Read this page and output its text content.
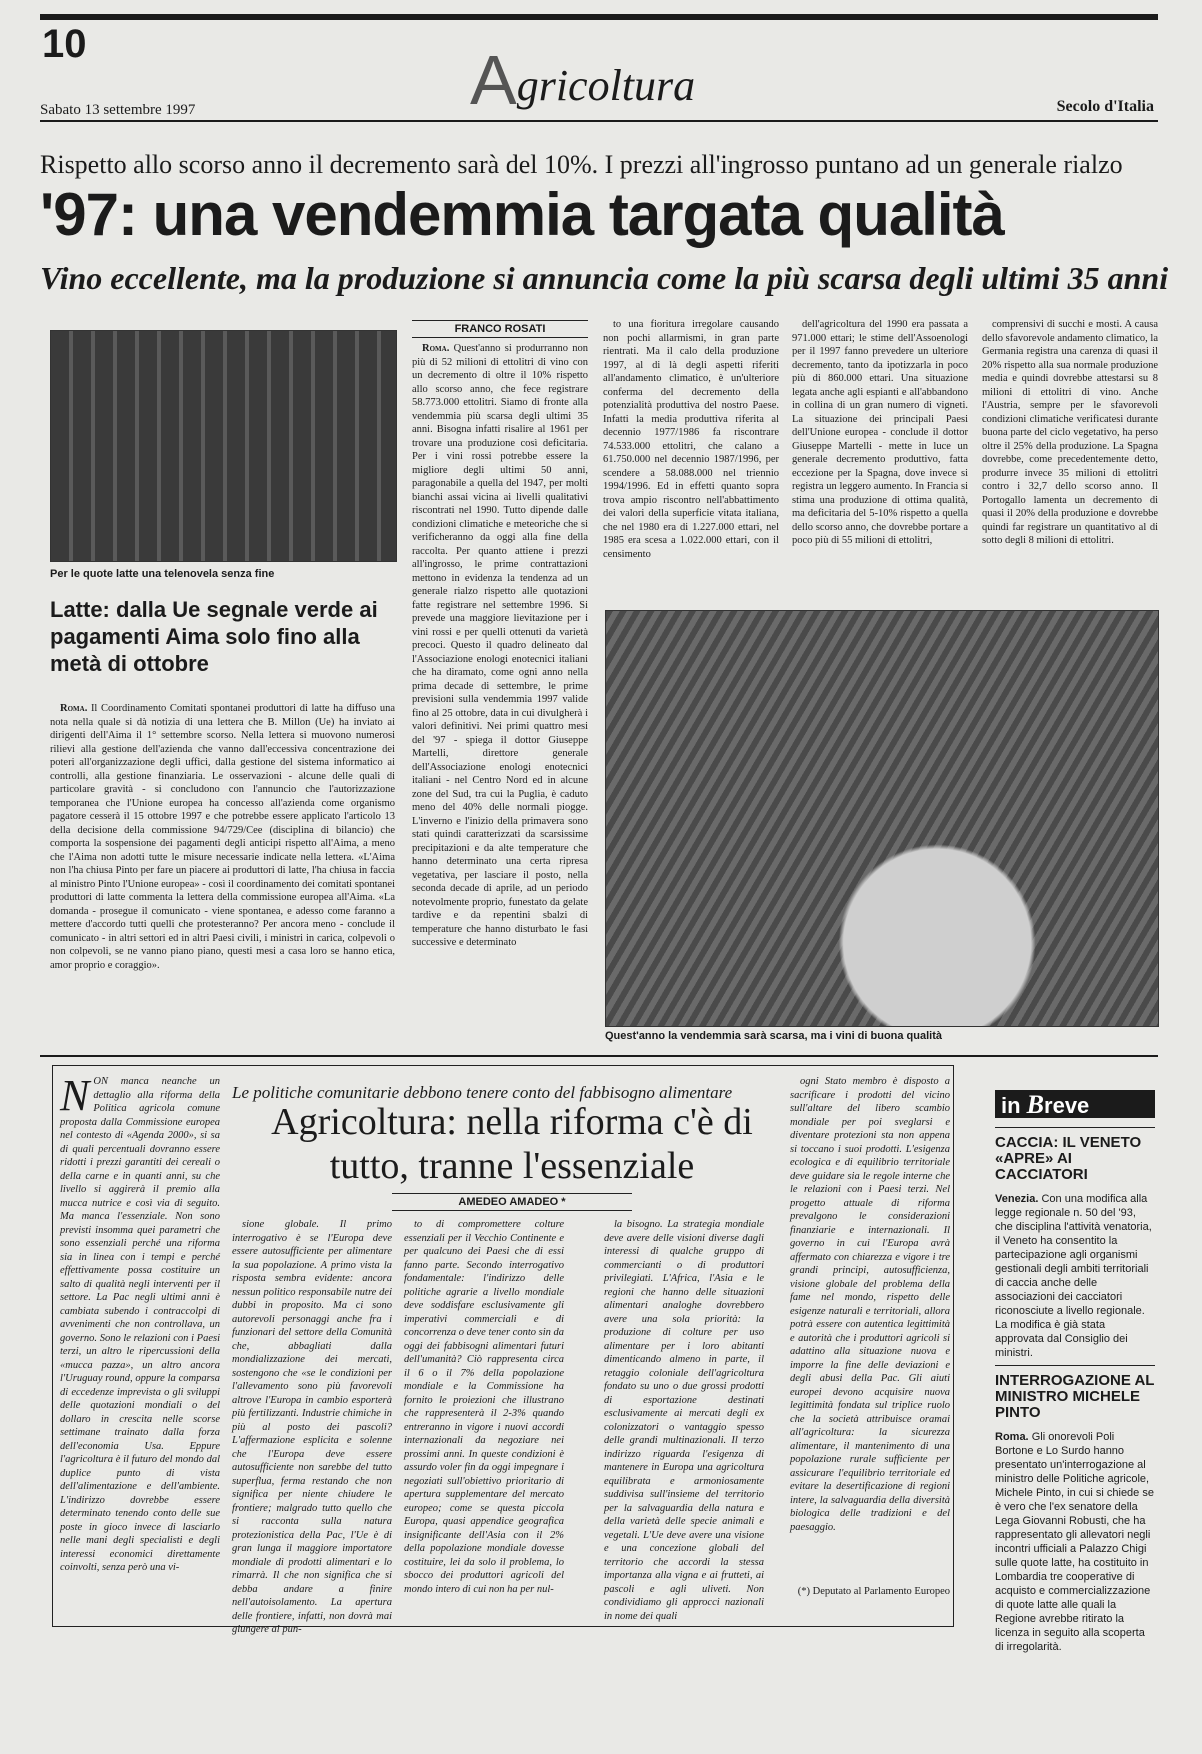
10	Agricoltura
Sabato 13 settembre 1997	Secolo d'Italia
Rispetto allo scorso anno il decremento sarà del 10%. I prezzi all'ingrosso puntano ad un generale rialzo
'97: una vendemmia targata qualità
Vino eccellente, ma la produzione si annuncia come la più scarsa degli ultimi 35 anni
Per le quote latte una telenovela senza fine
Latte: dalla Ue segnale verde ai pagamenti Aima solo fino alla metà di ottobre

Roma. Il Coordinamento Comitati spontanei produttori di latte ha diffuso una nota nella quale si dà notizia di una lettera che B. Millon (Ue) ha inviato ai dirigenti dell'Aima il 1° settembre scorso. Nella lettera si muovono numerosi rilievi alla gestione dell'azienda che vanno dall'eccessiva concentrazione dei poteri all'organizzazione degli uffici, dalla gestione del sistema informatico ai controlli, alla gestione finanziaria. Le osservazioni - alcune delle quali di particolare gravità - si concludono con l'annuncio che l'autorizzazione temporanea che l'Unione europea ha concesso all'azienda come organismo pagatore cesserà il 15 ottobre 1997 e che potrebbe essere applicato l'articolo 13 della decisione della commissione 94/729/Cee (disciplina di bilancio) che comporta la sospensione dei pagamenti degli anticipi rispetto all'Aima, a meno che l'Aima non adotti tutte le misure necessarie indicate nella lettera. «L'Aima non l'ha chiusa Pinto per fare un piacere ai produttori di latte, l'ha chiusa in faccia al ministro Pinto l'Unione europea» - così il coordinamento dei comitati spontanei produttori di latte commenta la lettera della commissione europea all'Aima. «La domanda - prosegue il comunicato - viene spontanea, e adesso come faranno a mettere d'accordo tutti quelli che protesteranno? Per ancora meno - conclude il comunicato - in altri settori ed in altri Paesi civili, i ministri in carica, colpevoli o non colpevoli, se ne vanno piano piano, questi mesi a casa loro se hanno etica, amor proprio e coraggio».

FRANCO ROSATI

Roma. Quest'anno si produrranno non più di 52 milioni di ettolitri di vino con un decremento di oltre il 10% rispetto allo scorso anno, che fece registrare 58.773.000 ettolitri. Siamo di fronte alla vendemmia più scarsa degli ultimi 35 anni. Bisogna infatti risalire al 1961 per trovare una produzione così deficitaria. Per i vini rossi potrebbe essere la migliore degli ultimi 50 anni, paragonabile a quella del 1947, per molti bianchi assai vicina ai livelli qualitativi riscontrati nel 1990. Tutto dipende dalle condizioni climatiche e meteoriche che si verificheranno da oggi alla fine della raccolta. Per quanto attiene i prezzi all'ingrosso, le prime contrattazioni mettono in evidenza la tendenza ad un generale rialzo rispetto alle quotazioni fatte registrare nel settembre 1996. Si prevede una maggiore lievitazione per i vini rossi e per quelli ottenuti da varietà precoci. Questo il quadro delineato dal l'Associazione enologi enotecnici italiani che ha diramato, come ogni anno nella prima decade di settembre, le prime previsioni sulla vendemmia 1997 valide fino al 25 ottobre, data in cui divulgherà i valori definitivi. Nei primi quattro mesi del '97 - spiega il dottor Giuseppe Martelli, direttore generale dell'Associazione enologi enotecnici italiani - nel Centro Nord ed in alcune zone del Sud, tra cui la Puglia, è caduto meno del 40% delle normali piogge. L'inverno e l'inizio della primavera sono stati quindi caratterizzati da scarsissime precipitazioni e da alte temperature che hanno determinato una certa ripresa vegetativa, per lasciare il posto, nella seconda decade di aprile, ad un periodo notevolmente proprio, funestato da gelate tardive e da repentini sbalzi di temperature che hanno disturbato le fasi successive e determinato

to una fioritura irregolare causando non pochi allarmismi, in gran parte rientrati. Ma il calo della produzione 1997, al di là degli aspetti riferiti all'andamento climatico, è un'ulteriore conferma del decremento della potenzialità produttiva del nostro Paese. Infatti la media produttiva riferita al decennio 1977/1986 fa riscontrare 74.533.000 ettolitri, che calano a 61.750.000 nel decennio 1987/1996, per scendere a 58.088.000 nel triennio 1994/1996. Ed in effetti quanto sopra trova ampio riscontro nell'abbattimento dei valori della superficie vitata italiana, che nel 1980 era di 1.227.000 ettari, nel 1985 era scesa a 1.022.000 ettari, con il censimento

dell'agricoltura del 1990 era passata a 971.000 ettari; le stime dell'Assoenologi per il 1997 fanno prevedere un ulteriore decremento, tanto da ipotizzarla in poco più di 860.000 ettari. Una situazione legata anche agli espianti e all'abbandono in collina di un gran numero di vigneti. La situazione dei principali Paesi dell'Unione europea - conclude il dottor Giuseppe Martelli - mette in luce un generale decremento produttivo, fatta eccezione per la Spagna, dove invece si registra un leggero aumento. In Francia si stima una produzione di ottima qualità, ma deficitaria del 5-10% rispetto a quella dello scorso anno, che dovrebbe portare a poco più di 55 milioni di ettolitri,

comprensivi di succhi e mosti. A causa dello sfavorevole andamento climatico, la Germania registra una carenza di quasi il 20% rispetto alla sua normale produzione media e quindi dovrebbe attestarsi su 8 milioni di ettolitri di vino. Anche l'Austria, sempre per le sfavorevoli condizioni climatiche verificatesi durante buona parte del ciclo vegetativo, ha perso oltre il 25% della produzione. La Spagna dovrebbe, come precedentemente detto, produrre invece 35 milioni di ettolitri contro i 32,7 dello scorso anno. Il Portogallo lamenta un decremento di quasi il 20% della produzione e dovrebbe quindi far registrare un quantitativo al di sotto degli 8 milioni di ettolitri.

Quest'anno la vendemmia sarà scarsa, ma i vini di buona qualità
Le politiche comunitarie debbono tenere conto del fabbisogno alimentare
Agricoltura: nella riforma c'è di tutto, tranne l'essenziale
AMEDEO AMADEO *
NON manca neanche un dettaglio alla riforma della Politica agricola comune proposta dalla Commissione europea nel contesto di «Agenda 2000», si sa di quali percentuali dovranno essere ridotti i prezzi garantiti dei cereali o della carne e in quanti anni, su che livello si aggirerà il premio alla mucca nutrice e così via di seguito. Ma manca l'essenziale. Non sono previsti insomma quei parametri che sono essenziali perché una riforma sia in linea con i tempi e perché effettivamente possa costituire un salto di qualità negli interventi per il settore. La Pac negli ultimi anni è cambiata subendo i contraccolpi di avvenimenti che non controllava, un governo. Sono le relazioni con i Paesi terzi, un altro le ripercussioni della «mucca pazza», un altro ancora l'Uruguay round, oppure la comparsa di eccedenze imprevista o gli sviluppi delle quotazioni mondiali o del dollaro in crescita nelle scorse settimane trainato dalla forza dell'economia Usa. Eppure l'agricoltura è il futuro del mondo dal duplice punto di vista dell'alimentazione e dell'ambiente. L'indirizzo dovrebbe essere determinato tenendo conto delle sue poste in gioco invece di lasciarlo nelle mani degli specialisti e degli interessi economici direttamente coinvolti, senza però una vi-

sione globale. Il primo interrogativo è se l'Europa deve essere autosufficiente per alimentare la sua popolazione. A primo vista la risposta sembra evidente: ancora nessun politico responsabile nutre dei dubbi in proposito. Ma ci sono autorevoli personaggi anche fra i funzionari del settore della Comunità che, abbagliati dalla mondializzazione dei mercati, sostengono che «se le condizioni per l'allevamento sono più favorevoli altrove l'Europa in cambio esporterà più fertilizzanti. Industrie chimiche in più al posto dei pascoli? L'affermazione esplicita e solenne che l'Europa deve essere autosufficiente non sarebbe del tutto superflua, ferma restando che non significa per niente chiudere le frontiere; malgrado tutto quello che si racconta sulla natura protezionistica della Pac, l'Ue è di gran lunga il maggiore importatore mondiale di prodotti alimentari e lo rimarrà. Il che non significa che si debba andare a finire nell'autoisolamento. La apertura delle frontiere, infatti, non dovrà mai giungere al pun-

to di compromettere colture essenziali per il Vecchio Continente e per qualcuno dei Paesi che di essi fanno parte. Secondo interrogativo fondamentale: l'indirizzo delle politiche agrarie a livello mondiale deve soddisfare esclusivamente gli imperativi commerciali e di concorrenza o deve tener conto sin da oggi dei fabbisogni alimentari futuri dell'umanità? Ciò rappresenta circa il 6 o il 7% della popolazione mondiale e la Commissione ha fornito le proiezioni che illustrano che rappresenterà il 2-3% quando entreranno in vigore i nuovi accordi internazionali da negoziare nei prossimi anni. In queste condizioni è assurdo voler fin da oggi impegnare i negoziati sull'obiettivo prioritario di apertura supplementare del mercato europeo; come se questa piccola Europa, quasi appendice geografica insignificante dell'Asia con il 2% della popolazione mondiale dovesse costituire, lei da solo il problema, lo sbocco dei produttori agricoli del mondo intero di cui non ha per nul-

la bisogno. La strategia mondiale deve avere delle visioni diverse dagli interessi di qualche gruppo di commercianti o di produttori privilegiati. L'Africa, l'Asia e le regioni che hanno delle situazioni alimentari analoghe dovrebbero avere una sola priorità: la produzione di colture per uso alimentare per i loro abitanti dimenticando almeno in parte, il retaggio coloniale dell'agricoltura fondato su uno o due grossi prodotti di esportazione destinati esclusivamente ai mercati degli ex colonizzatori o vantaggio spesso delle grandi multinazionali. Il terzo indirizzo riguarda l'esigenza di mantenere in Europa una agricoltura equilibrata e armoniosamente suddivisa sull'insieme del territorio per la salvaguardia della natura e della varietà delle specie animali e vegetali. L'Ue deve avere una visione e una concezione globali del territorio che accordi la stessa importanza alla vigna e ai frutteti, ai pascoli e agli uliveti. Non condividiamo gli approcci nazionali in nome dei quali

ogni Stato membro è disposto a sacrificare i prodotti del vicino sull'altare del libero scambio mondiale per poi sveglarsi e diventare protezioni sta non appena si toccano i suoi prodotti. L'esigenza ecologica e di equilibrio territoriale deve guidare sia le regole interne che le relazioni con i Paesi terzi. Nel progetto attuale di riforma prevalgono le considerazioni finanziarie e internazionali. Il governo in cui l'Europa avrà affermato con chiarezza e vigore i tre grandi principi, autosufficienza, visione globale del problema della fame nel mondo, rispetto delle esigenze naturali e territoriali, allora potrà essere con autentica legittimità e autorità che i produttori agricoli si adattino alla situazione nuova e imporre la fine delle deviazioni e degli abusi della Pac. Gli aiuti europei devono acquisire nuova legittimità fondata sul triplice ruolo che la società attribuisce oramai all'agricoltura: la sicurezza alimentare, il mantenimento di una popolazione rurale sufficiente per assicurare l'equilibrio territoriale ed evitare la desertificazione di regioni intere, la salvaguardia della diversità biologica delle tradizioni e del paesaggio.

(*) Deputato al Parlamento Europeo
in Breve
CACCIA: IL VENETO «APRE» AI CACCIATORI
Venezia. Con una modifica alla legge regionale n. 50 del '93, che disciplina l'attività venatoria, il Veneto ha consentito la partecipazione agli organismi gestionali degli ambiti territoriali di caccia anche delle associazioni dei cacciatori riconosciute a livello regionale. La modifica è già stata approvata dal Consiglio dei ministri.
INTERROGAZIONE AL MINISTRO MICHELE PINTO
Roma. Gli onorevoli Poli Bortone e Lo Surdo hanno presentato un'interrogazione al ministro delle Politiche agricole, Michele Pinto, in cui si chiede se è vero che l'ex senatore della Lega Giovanni Robusti, che ha rappresentato gli allevatori negli incontri ufficiali a Palazzo Chigi sulle quote latte, ha costituito in Lombardia tre cooperative di acquisto e commercializzazione di quote latte alle quali la Regione avrebbe ritirato la licenza in seguito alla scoperta di irregolarità.
